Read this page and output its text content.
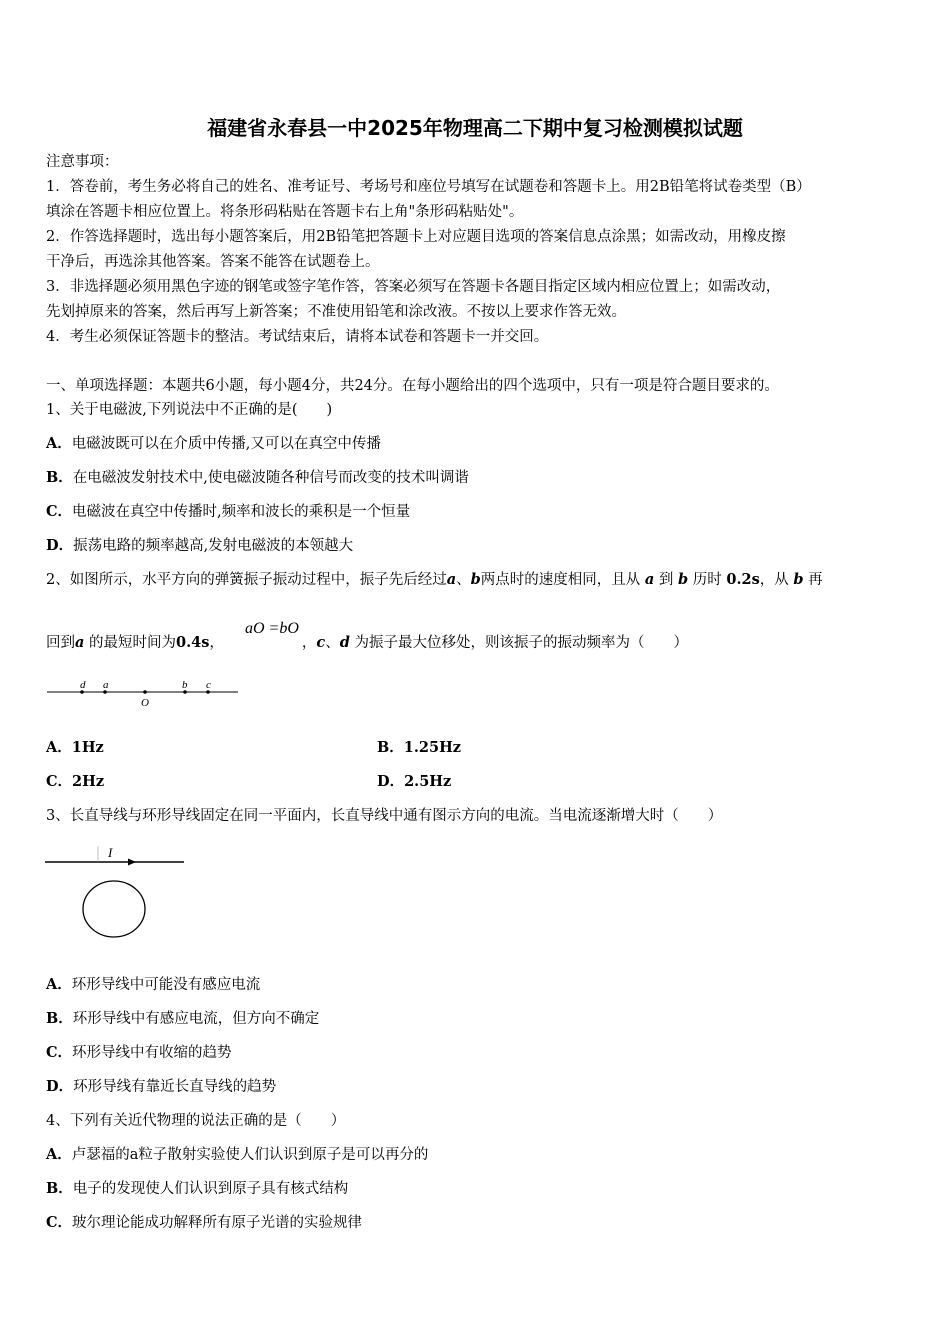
福建省永春县一中2025年物理高二下期中复习检测模拟试题
注意事项：
1．答卷前，考生务必将自己的姓名、准考证号、考场号和座位号填写在试题卷和答题卡上。用2B铅笔将试卷类型（B）
填涂在答题卡相应位置上。将条形码粘贴在答题卡右上角"条形码粘贴处"。
2．作答选择题时，选出每小题答案后，用2B铅笔把答题卡上对应题目选项的答案信息点涂黑；如需改动，用橡皮擦
干净后，再选涂其他答案。答案不能答在试题卷上。
3．非选择题必须用黑色字迹的钢笔或签字笔作答，答案必须写在答题卡各题目指定区域内相应位置上；如需改动，
先划掉原来的答案，然后再写上新答案；不准使用铅笔和涂改液。不按以上要求作答无效。
4．考生必须保证答题卡的整洁。考试结束后，请将本试卷和答题卡一并交回。
一、单项选择题：本题共6小题，每小题4分，共24分。在每小题给出的四个选项中，只有一项是符合题目要求的。
1、关于电磁波,下列说法中不正确的是(　　)
A．电磁波既可以在介质中传播,又可以在真空中传播
B．在电磁波发射技术中,使电磁波随各种信号而改变的技术叫调谐
C．电磁波在真空中传播时,频率和波长的乘积是一个恒量
D．振荡电路的频率越高,发射电磁波的本领越大
2、如图所示，水平方向的弹簧振子振动过程中，振子先后经过a、b两点时的速度相同，且从 a 到 b 历时 0.2s，从 b 再
aO =bO
回到a 的最短时间为0.4s，	，c、d 为振子最大位移处，则该振子的振动频率为（　　）
d a
O
b c
A．1Hz	B．1.25Hz
C．2Hz	D．2.5Hz
3、长直导线与环形导线固定在同一平面内，长直导线中通有图示方向的电流。当电流逐渐增大时（　　）
I
A．环形导线中可能没有感应电流
B．环形导线中有感应电流，但方向不确定
C．环形导线中有收缩的趋势
D．环形导线有靠近长直导线的趋势
4、下列有关近代物理的说法正确的是（　　）
A．卢瑟福的a粒子散射实验使人们认识到原子是可以再分的
B．电子的发现使人们认识到原子具有核式结构
C．玻尔理论能成功解释所有原子光谱的实验规律
